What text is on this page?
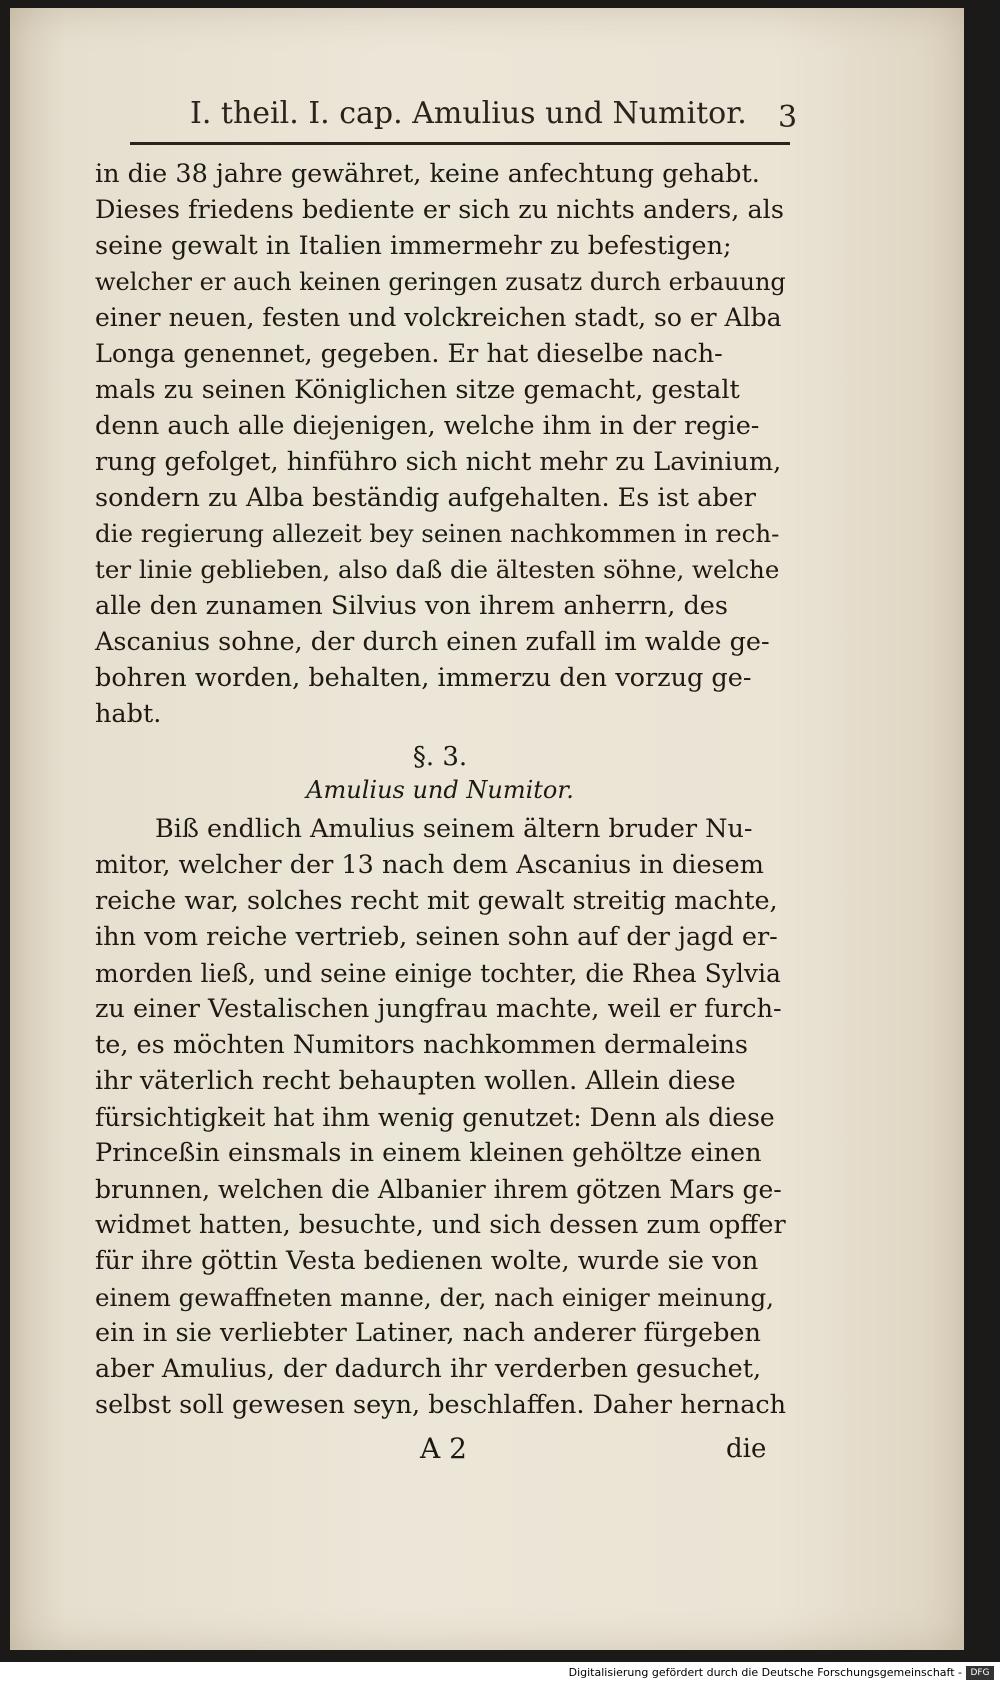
I. theil. I. cap. Amulius und Numitor. 3
in die 38 jahre gewähret, keine anfechtung gehabt.
Dieses friedens bediente er sich zu nichts anders, als
seine gewalt in Italien immermehr zu befestigen;
welcher er auch keinen geringen zusatz durch erbauung
einer neuen, festen und volckreichen stadt, so er Alba
Longa genennet, gegeben. Er hat dieselbe nach-
mals zu seinen Königlichen sitze gemacht, gestalt
denn auch alle diejenigen, welche ihm in der regie-
rung gefolget, hinführo sich nicht mehr zu Lavinium,
sondern zu Alba beständig aufgehalten. Es ist aber
die regierung allezeit bey seinen nachkommen in rech-
ter linie geblieben, also daß die ältesten söhne, welche
alle den zunamen Silvius von ihrem anherrn, des
Ascanius sohne, der durch einen zufall im walde ge-
bohren worden, behalten, immerzu den vorzug ge-
habt.
§. 3.
Amulius und Numitor.
Biß endlich Amulius seinem ältern bruder Nu-
mitor, welcher der 13 nach dem Ascanius in diesem
reiche war, solches recht mit gewalt streitig machte,
ihn vom reiche vertrieb, seinen sohn auf der jagd er-
morden ließ, und seine einige tochter, die Rhea Sylvia
zu einer Vestalischen jungfrau machte, weil er furch-
te, es möchten Numitors nachkommen dermaleins
ihr väterlich recht behaupten wollen. Allein diese
fürsichtigkeit hat ihm wenig genutzet: Denn als diese
Princeßin einsmals in einem kleinen gehöltze einen
brunnen, welchen die Albanier ihrem götzen Mars ge-
widmet hatten, besuchte, und sich dessen zum opffer
für ihre göttin Vesta bedienen wolte, wurde sie von
einem gewaffneten manne, der, nach einiger meinung,
ein in sie verliebter Latiner, nach anderer fürgeben
aber Amulius, der dadurch ihr verderben gesuchet,
selbst soll gewesen seyn, beschlaffen. Daher hernach
A 2	die
Digitalisierung gefördert durch die Deutsche Forschungsgemeinschaft - DFG
